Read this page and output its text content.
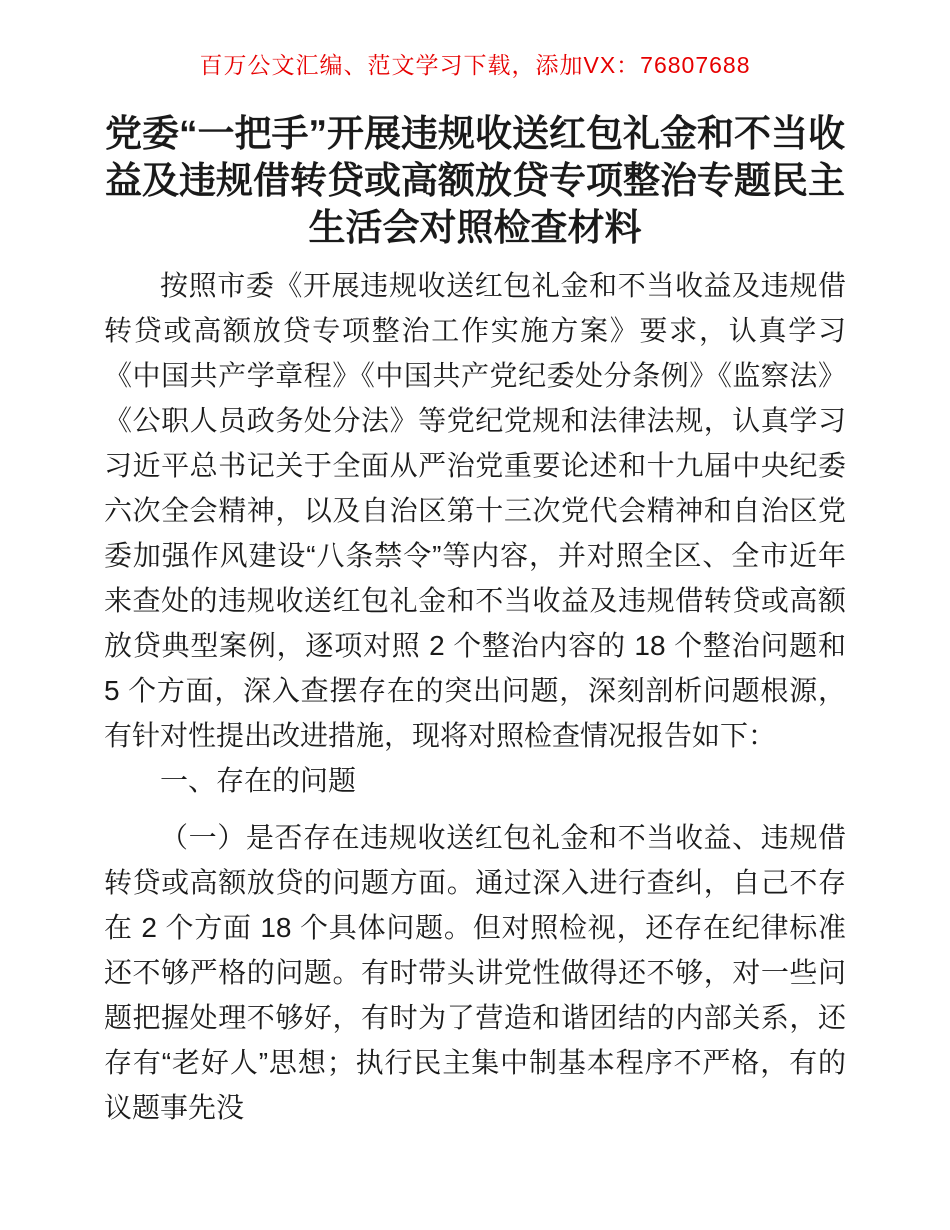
百万公文汇编、范文学习下载，添加VX：76807688
党委“一把手”开展违规收送红包礼金和不当收益及违规借转贷或高额放贷专项整治专题民主生活会对照检查材料

按照市委《开展违规收送红包礼金和不当收益及违规借转贷或高额放贷专项整治工作实施方案》要求，认真学习《中国共产学章程》《中国共产党纪委处分条例》《监察法》《公职人员政务处分法》等党纪党规和法律法规，认真学习习近平总书记关于全面从严治党重要论述和十九届中央纪委六次全会精神，以及自治区第十三次党代会精神和自治区党委加强作风建设“八条禁令”等内容，并对照全区、全市近年来查处的违规收送红包礼金和不当收益及违规借转贷或高额放贷典型案例，逐项对照 2 个整治内容的 18 个整治问题和 5 个方面，深入查摆存在的突出问题，深刻剖析问题根源，有针对性提出改进措施，现将对照检查情况报告如下：

一、存在的问题

（一）是否存在违规收送红包礼金和不当收益、违规借转贷或高额放贷的问题方面。通过深入进行查纠，自己不存在 2 个方面 18 个具体问题。但对照检视，还存在纪律标准还不够严格的问题。有时带头讲党性做得还不够，对一些问题把握处理不够好，有时为了营造和谐团结的内部关系，还存有“老好人”思想；执行民主集中制基本程序不严格，有的议题事先没
